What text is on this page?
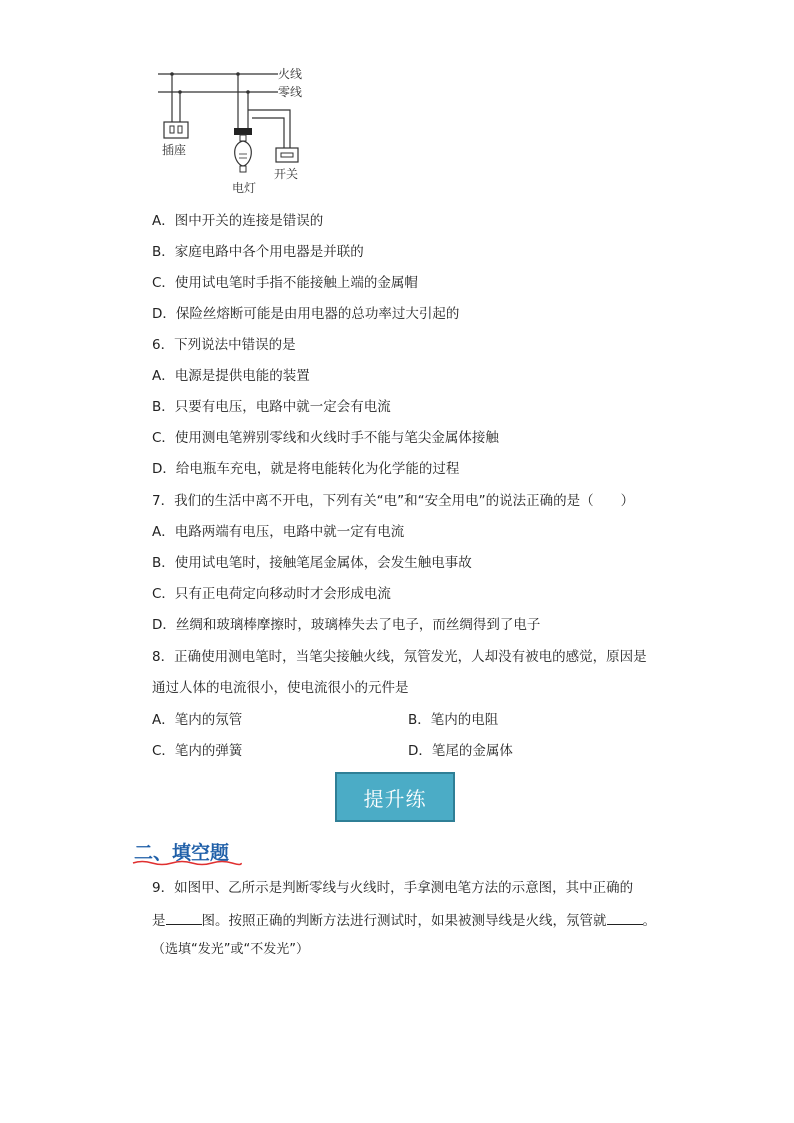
火线
零线
插座
电灯
开关
A．图中开关的连接是错误的
B．家庭电路中各个用电器是并联的
C．使用试电笔时手指不能接触上端的金属帽
D．保险丝熔断可能是由用电器的总功率过大引起的
6．下列说法中错误的是
A．电源是提供电能的装置
B．只要有电压，电路中就一定会有电流
C．使用测电笔辨别零线和火线时手不能与笔尖金属体接触
D．给电瓶车充电，就是将电能转化为化学能的过程
7．我们的生活中离不开电，下列有关“电”和“安全用电”的说法正确的是（　　）
A．电路两端有电压，电路中就一定有电流
B．使用试电笔时，接触笔尾金属体，会发生触电事故
C．只有正电荷定向移动时才会形成电流
D．丝绸和玻璃棒摩擦时，玻璃棒失去了电子，而丝绸得到了电子
8．正确使用测电笔时，当笔尖接触火线，氖管发光，人却没有被电的感觉，原因是
通过人体的电流很小，使电流很小的元件是
A．笔内的氖管	B．笔内的电阻
C．笔内的弹簧	D．笔尾的金属体
提升练
二、填空题
9．如图甲、乙所示是判断零线与火线时，手拿测电笔方法的示意图，其中正确的
是	图。按照正确的判断方法进行测试时，如果被测导线是火线，氖管就	。
（选填“发光”或“不发光”）
